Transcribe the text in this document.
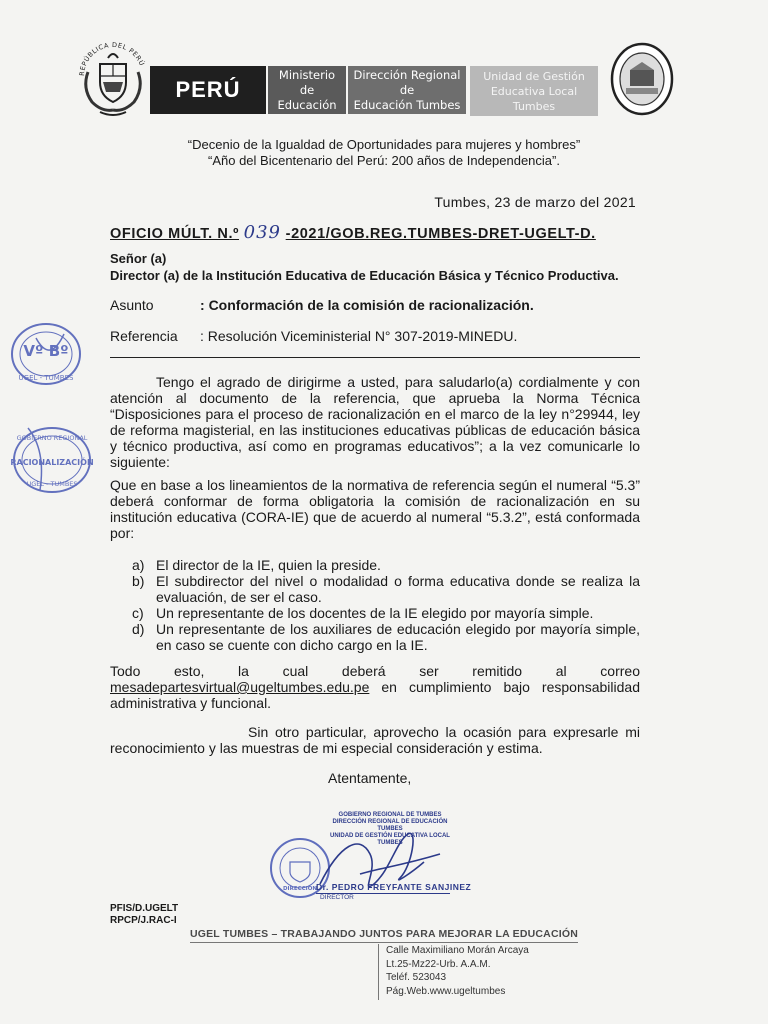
REPÚBLICA DEL PERÚ
PERÚ
Ministerio
de Educación
Dirección Regional de
Educación Tumbes
Unidad de Gestión
Educativa Local
Tumbes
“Decenio de la Igualdad de Oportunidades para mujeres y hombres”
“Año del Bicentenario del Perú: 200 años de Independencia”.
Tumbes, 23 de marzo del 2021
OFICIO MÚLT. N.º 039 -2021/GOB.REG.TUMBES-DRET-UGELT-D.
Señor (a)
Director (a) de la Institución Educativa de Educación Básica y Técnico Productiva.
Asunto	: Conformación de la comisión de racionalización.
Referencia : Resolución Viceministerial N° 307-2019-MINEDU.
Tengo el agrado de dirigirme a usted, para saludarlo(a) cordialmente y con atención al documento de la referencia, que aprueba la Norma Técnica “Disposiciones para el proceso de racionalización en el marco de la ley n°29944, ley de reforma magisterial, en las instituciones educativas públicas de educación básica y técnico productiva, así como en programas educativos”; a la vez comunicarle lo siguiente:
Que en base a los lineamientos de la normativa de referencia según el numeral “5.3” deberá conformar de forma obligatoria la comisión de racionalización en su institución educativa (CORA-IE) que de acuerdo al numeral “5.3.2”, está conformada por:
a) El director de la IE, quien la preside.
b) El subdirector del nivel o modalidad o forma educativa donde se realiza la evaluación, de ser el caso.
c) Un representante de los docentes de la IE elegido por mayoría simple.
d) Un representante de los auxiliares de educación elegido por mayoría simple, en caso se cuente con dicho cargo en la IE.
Todo esto, la cual deberá ser remitido al correo
mesadepartesvirtual@ugeltumbes.edu.pe en cumplimiento bajo responsabilidad administrativa y funcional.
Sin otro particular, aprovecho la ocasión para expresarle mi reconocimiento y las muestras de mi especial consideración y estima.
Atentamente,
Vº Bº
UGEL - TUMBES
GOBIERNO REGIONAL
RACIONALIZACIÓN
UGEL - TUMBES
DIRECCIÓN
GOBIERNO REGIONAL DE TUMBES
DIRECCIÓN REGIONAL DE EDUCACIÓN TUMBES
UNIDAD DE GESTIÓN EDUCATIVA LOCAL TUMBES
Dr. PEDRO FREYFANTE SANJINEZ
DIRECTOR
PFIS/D.UGELT
RPCP/J.RAC-I
UGEL TUMBES – TRABAJANDO JUNTOS PARA MEJORAR LA EDUCACIÓN
Calle Maximiliano Morán Arcaya
Lt.25-Mz22-Urb. A.A.M.
Teléf. 523043
Pág.Web.www.ugeltumbes
